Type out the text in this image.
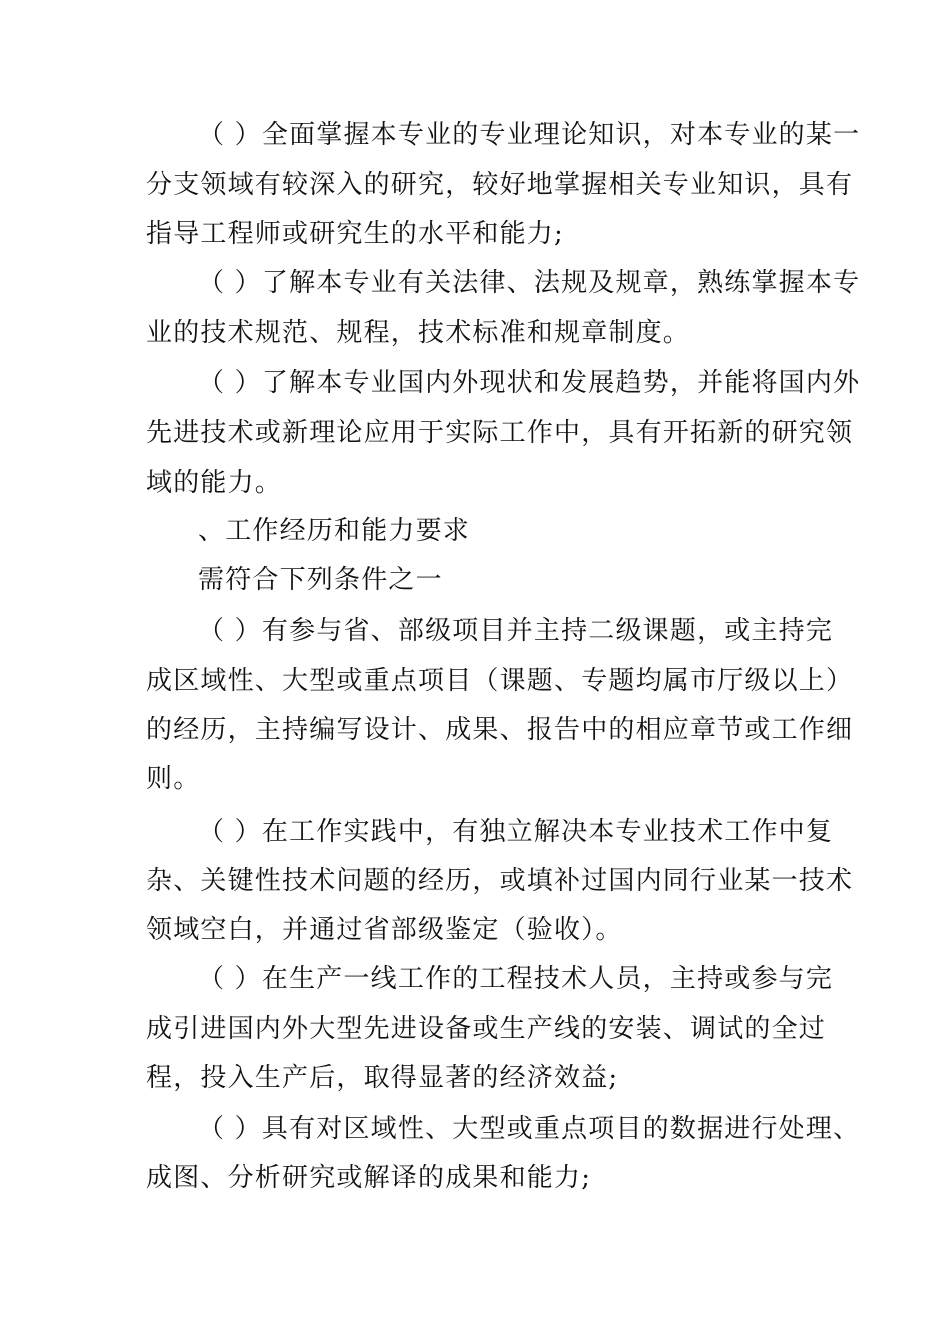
（ ）全面掌握本专业的专业理论知识，对本专业的某一
分支领域有较深入的研究，较好地掌握相关专业知识，具有
指导工程师或研究生的水平和能力;
（ ）了解本专业有关法律、法规及规章，熟练掌握本专
业的技术规范、规程，技术标准和规章制度。
（ ）了解本专业国内外现状和发展趋势，并能将国内外
先进技术或新理论应用于实际工作中，具有开拓新的研究领
域的能力。
、工作经历和能力要求
需符合下列条件之一
（ ）有参与省、部级项目并主持二级课题，或主持完
成区域性、大型或重点项目（课题、专题均属市厅级以上）
的经历，主持编写设计、成果、报告中的相应章节或工作细
则。
（ ）在工作实践中，有独立解决本专业技术工作中复
杂、关键性技术问题的经历，或填补过国内同行业某一技术
领域空白，并通过省部级鉴定（验收）。
（ ）在生产一线工作的工程技术人员，主持或参与完
成引进国内外大型先进设备或生产线的安装、调试的全过
程，投入生产后，取得显著的经济效益;
（ ）具有对区域性、大型或重点项目的数据进行处理、
成图、分析研究或解译的成果和能力;
